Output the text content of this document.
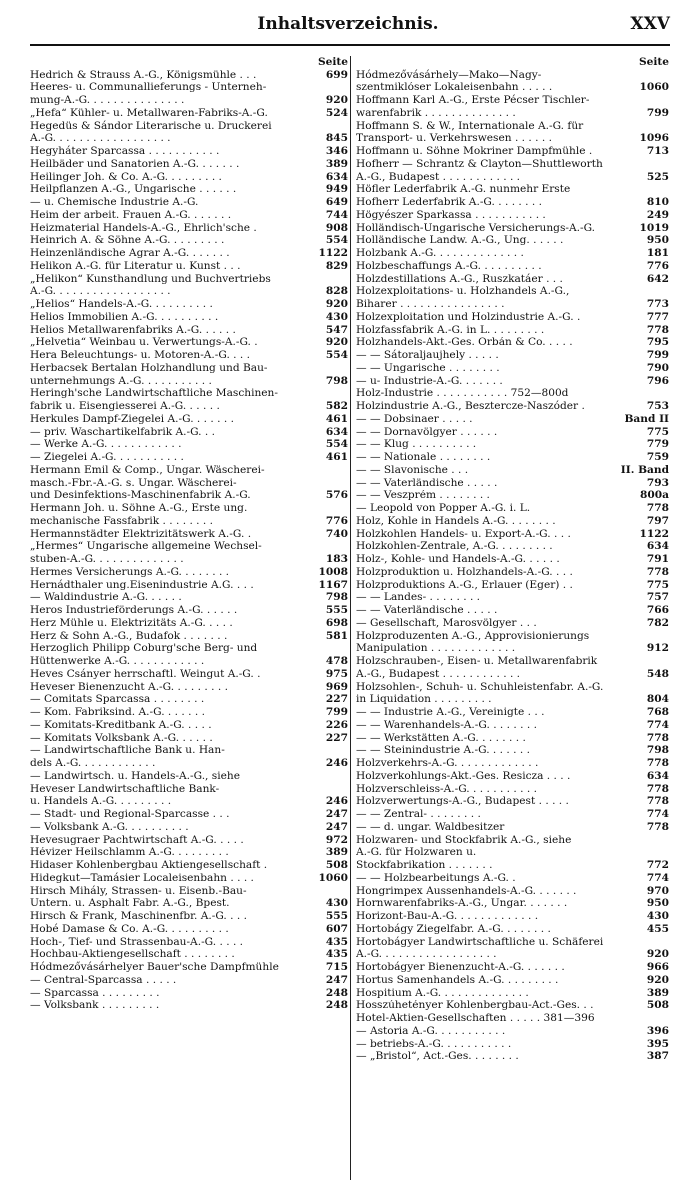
Inhaltsverzeichnis.	XXV
Seite
Hedrich & Strauss A.-G., Königsmühle . . .	699
Heeres- u. Communallieferungs - Unterneh-
mung-A.-G. . . . . . . . . . . . . . .	920
„Hefa“ Kühler- u. Metallwaren-Fabriks-A.-G.	524
Hegedüs & Sándor Literarische u. Druckerei
A.-G. . . . . . . . . . . . . . . . . .	845
Hegyháter Sparcassa . . . . . . . . . . .	346
Heilbäder und Sanatorien A.-G. . . . . . .	389
Heilinger Joh. & Co. A.-G. . . . . . . . .	634
Heilpflanzen A.-G., Ungarische . . . . . .	949
— u. Chemische Industrie A.-G.	649
Heim der arbeit. Frauen A.-G. . . . . . .	744
Heizmaterial Handels-A.-G., Ehrlich'sche .	908
Heinrich A. & Söhne A.-G. . . . . . . . .	554
Heinzenländische Agrar A.-G. . . . . . .	1122
Helikon A.-G. für Literatur u. Kunst . . .	829
„Helikon“ Kunsthandlung und Buchvertriebs
A.-G. . . . . . . . . . . . . . . . . .	828
„Helios“ Handels-A.-G. . . . . . . . . .	920
Helios Immobilien A.-G. . . . . . . . . .	430
Helios Metallwarenfabriks A.-G. . . . . .	547
„Helvetia“ Weinbau u. Verwertungs-A.-G. .	920
Hera Beleuchtungs- u. Motoren-A.-G. . . .	554
Herbacsek Bertalan Holzhandlung und Bau-
unternehmungs A.-G. . . . . . . . . . .	798
Heringh'sche Landwirtschaftliche Maschinen-
fabrik u. Eisengiesserei A.-G. . . . . .	582
Herkules Dampf-Ziegelei A.-G. . . . . . .	461
— priv. Waschartikelfabrik A.-G. . .	634
— Werke A.-G. . . . . . . . . . . .	554
— Ziegelei A.-G. . . . . . . . . . .	461
Hermann Emil & Comp., Ungar. Wäscherei-
masch.-Fbr.-A.-G. s. Ungar. Wäscherei-
und Desinfektions-Maschinenfabrik A.-G.	576
Hermann Joh. u. Söhne A.-G., Erste ung.
mechanische Fassfabrik . . . . . . . .	776
Hermannstädter Elektrizitätswerk A.-G. .	740
„Hermes“ Ungarische allgemeine Wechsel-
stuben-A.-G. . . . . . . . . . . . . .	183
Hermes Versicherungs A.-G. . . . . . . .	1008
Hernádthaler ung.Eisenindustrie A.G. . . .	1167
— Waldindustrie A.-G. . . . . .	798
Heros Industrieförderungs A.-G. . . . . .	555
Herz Mühle u. Elektrizitäts A.-G. . . . .	698
Herz & Sohn A.-G., Budafok . . . . . . .	581
Herzoglich Philipp Coburg'sche Berg- und
Hüttenwerke A.-G. . . . . . . . . . . .	478
Heves Csányer herrschaftl. Weingut A.-G. .	975
Heveser Bienenzucht A.-G. . . . . . . . .	969
— Comitats Sparcassa . . . . . . . .	227
— Kom. Fabriksind. A.-G. . . . . . .	799
— Komitats-Kreditbank A.-G. . . . .	226
— Komitats Volksbank A.-G. . . . . .	227
— Landwirtschaftliche Bank u. Han-
dels A.-G. . . . . . . . . . . .	246
— Landwirtsch. u. Handels-A.-G., siehe
Heveser Landwirtschaftliche Bank-
u. Handels A.-G. . . . . . . . .	246
— Stadt- und Regional-Sparcasse . . .	247
— Volksbank A.-G. . . . . . . . . .	247
Hevesugraer Pachtwirtschaft A.-G. . . . .	972
Hévizer Heilschlamm A.-G. . . . . . . . .	389
Hidaser Kohlenbergbau Aktiengesellschaft .	508
Hidegkut—Tamásier Localeisenbahn . . . .	1060
Hirsch Mihály, Strassen- u. Eisenb.-Bau-
Untern. u. Asphalt Fabr. A.-G., Bpest.	430
Hirsch & Frank, Maschinenfbr. A.-G. . . .	555
Hobé Damase & Co. A.-G. . . . . . . . . .	607
Hoch-, Tief- und Strassenbau-A.-G. . . . .	435
Hochbau-Aktiengesellschaft . . . . . . . .	435
Hódmezővásárhelyer Bauer'sche Dampfmühle	715
— Central-Sparcassa . . . . .	247
— Sparcassa . . . . . . . . .	248
— Volksbank . . . . . . . . .	248
Seite
Hódmezővásárhely—Mako—Nagy-
szentmiklóser Lokaleisenbahn . . . . .	1060
Hoffmann Karl A.-G., Erste Pécser Tischler-
warenfabrik . . . . . . . . . . . . . .	799
Hoffmann S. & W., Internationale A.-G. für
Transport- u. Verkehrswesen . . . . . .	1096
Hoffmann u. Söhne Mokriner Dampfmühle .	713
Hofherr — Schrantz & Clayton—Shuttleworth
A.-G., Budapest . . . . . . . . . . . .	525
Höfler Lederfabrik A.-G. nunmehr Erste
Hofherr Lederfabrik A.-G. . . . . . . .	810
Högyészer Sparkassa . . . . . . . . . . .	249
Holländisch-Ungarische Versicherungs-A.-G.	1019
Holländische Landw. A.-G., Ung. . . . . .	950
Holzbank A.-G. . . . . . . . . . . . . .	181
Holzbeschaffungs A.-G. . . . . . . . . .	776
Holzdestillations A.-G., Ruszkatáer . . .	642
Holzexploitations- u. Holzhandels A.-G.,
Biharer . . . . . . . . . . . . . . . .	773
Holzexploitation und Holzindustrie A.-G. .	777
Holzfassfabrik A.-G. in L. . . . . . . . .	778
Holzhandels-Akt.-Ges. Orbán & Co. . . . .	795
— — Sátoraljaujhely . . . . .	799
— — Ungarische . . . . . . . .	790
— u- Industrie-A.-G. . . . . . .	796
Holz-Industrie . . . . . . . . . . . 752—800d
Holzindustrie A.-G., Besztercze-Naszóder .	753
— — Dobsinaer . . . . .	Band II
— — Dornavölgyer . . . . . .	775
— — Klug . . . . . . . . . .	779
— — Nationale . . . . . . . .	759
— — Slavonische . . .	II. Band
— — Vaterländische . . . . .	793
— — Veszprém . . . . . . . .	800a
— Leopold von Popper A.-G. i. L.	778
Holz, Kohle in Handels A.-G. . . . . . . .	797
Holzkohlen Handels- u. Export-A.-G. . . .	1122
Holzkohlen-Zentrale, A.-G. . . . . . . . .	634
Holz-, Kohle- und Handels-A.-G. . . . . .	791
Holzproduktion u. Holzhandels-A.-G. . . .	778
Holzproduktions A.-G., Erlauer (Eger) . .	775
— — Landes- . . . . . . . .	757
— — Vaterländische . . . . .	766
— Gesellschaft, Marosvölgyer . . .	782
Holzproduzenten A.-G., Approvisionierungs
Manipulation . . . . . . . . . . . . .	912
Holzschrauben-, Eisen- u. Metallwarenfabrik
A.-G., Budapest . . . . . . . . . . . .	548
Holzsohlen-, Schuh- u. Schuhleistenfabr. A.-G.
in Liquidation . . . . . . . . .	804
— — Industrie A.-G., Vereinigte . . .	768
— — Warenhandels-A.-G. . . . . . . .	774
— — Werkstätten A.-G. . . . . . . .	778
— — Steinindustrie A.-G. . . . . . .	798
Holzverkehrs-A.-G. . . . . . . . . . . . .	778
Holzverkohlungs-Akt.-Ges. Resicza . . . .	634
Holzverschleiss-A.-G. . . . . . . . . . .	778
Holzverwertungs-A.-G., Budapest . . . . .	778
— — Zentral- . . . . . . . .	774
— — d. ungar. Waldbesitzer	778
Holzwaren- und Stockfabrik A.-G., siehe
A.-G. für Holzwaren u.
Stockfabrikation . . . . . . .	772
— — Holzbearbeitungs A.-G. .	774
Hongrimpex Aussenhandels-A.-G. . . . . . .	970
Hornwarenfabriks-A.-G., Ungar. . . . . . .	950
Horizont-Bau-A.-G. . . . . . . . . . . . .	430
Hortobágy Ziegelfabr. A.-G. . . . . . . .	455
Hortobágyer Landwirtschaftliche u. Schäferei
A.-G. . . . . . . . . . . . . . . . . .	920
Hortobágyer Bienenzucht-A.-G. . . . . . .	966
Hortus Samenhandels A.-G. . . . . . . . .	920
Hospitium A.-G. . . . . . . . . . . . . .	389
Hosszúhetényer Kohlenbergbau-Act.-Ges. . .	508
Hotel-Aktien-Gesellschaften . . . . . 381—396
— Astoria A.-G. . . . . . . . . . .	396
— betriebs-A.-G. . . . . . . . . . .	395
— „Bristol“, Act.-Ges. . . . . . . .	387
